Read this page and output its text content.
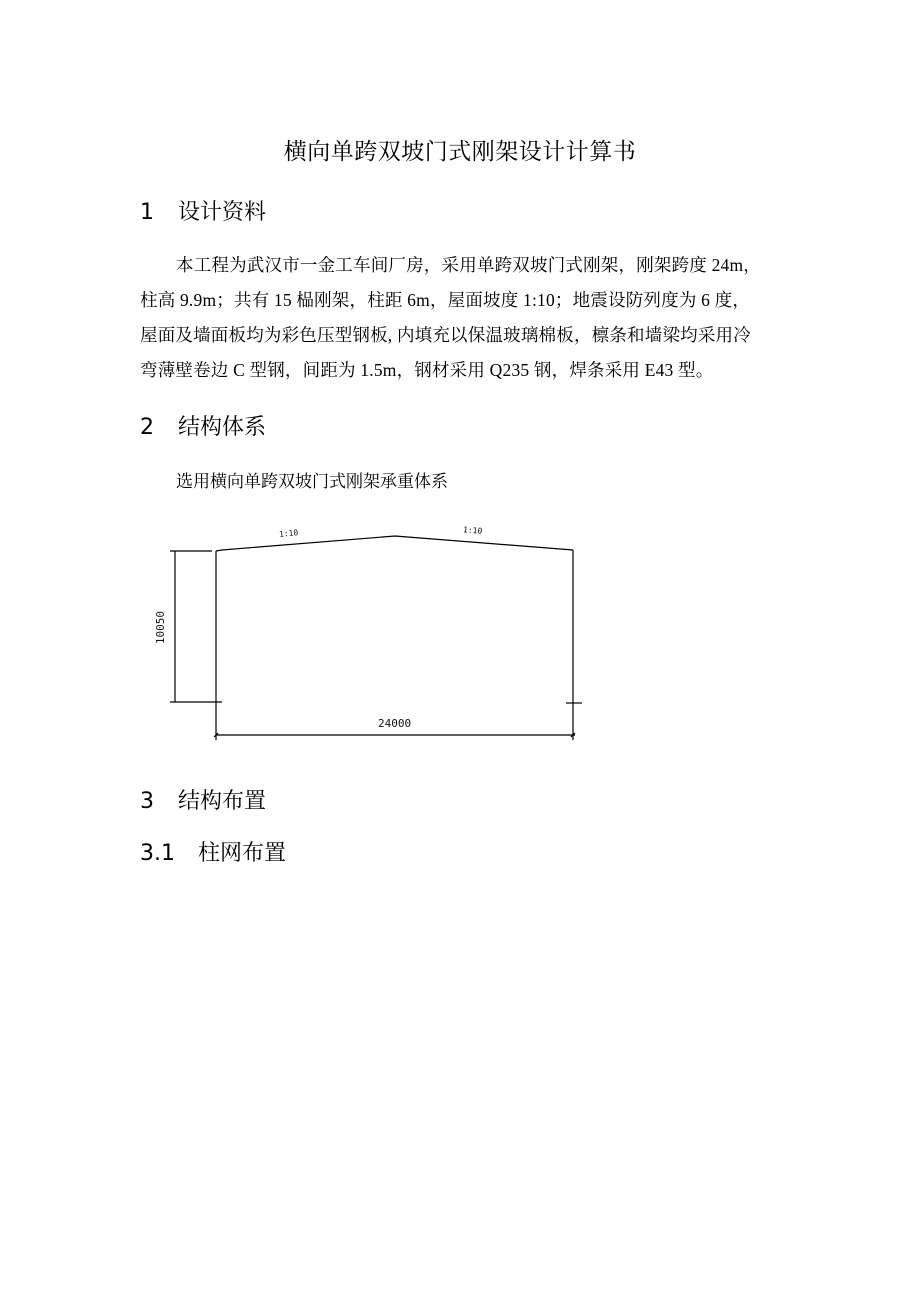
横向单跨双坡门式刚架设计计算书
1 设计资料
本工程为武汉市一金工车间厂房，采用单跨双坡门式刚架，刚架跨度 24m，
柱高 9.9m；共有 15 榀刚架，柱距 6m，屋面坡度 1:10；地震设防列度为 6 度，
屋面及墙面板均为彩色压型钢板, 内填充以保温玻璃棉板，檩条和墙梁均采用冷
弯薄壁卷边 C 型钢，间距为 1.5m，钢材采用 Q235 钢，焊条采用 E43 型。
2 结构体系
选用横向单跨双坡门式刚架承重体系
1:10	1:10
10050
24000
3 结构布置
3.1 柱网布置
